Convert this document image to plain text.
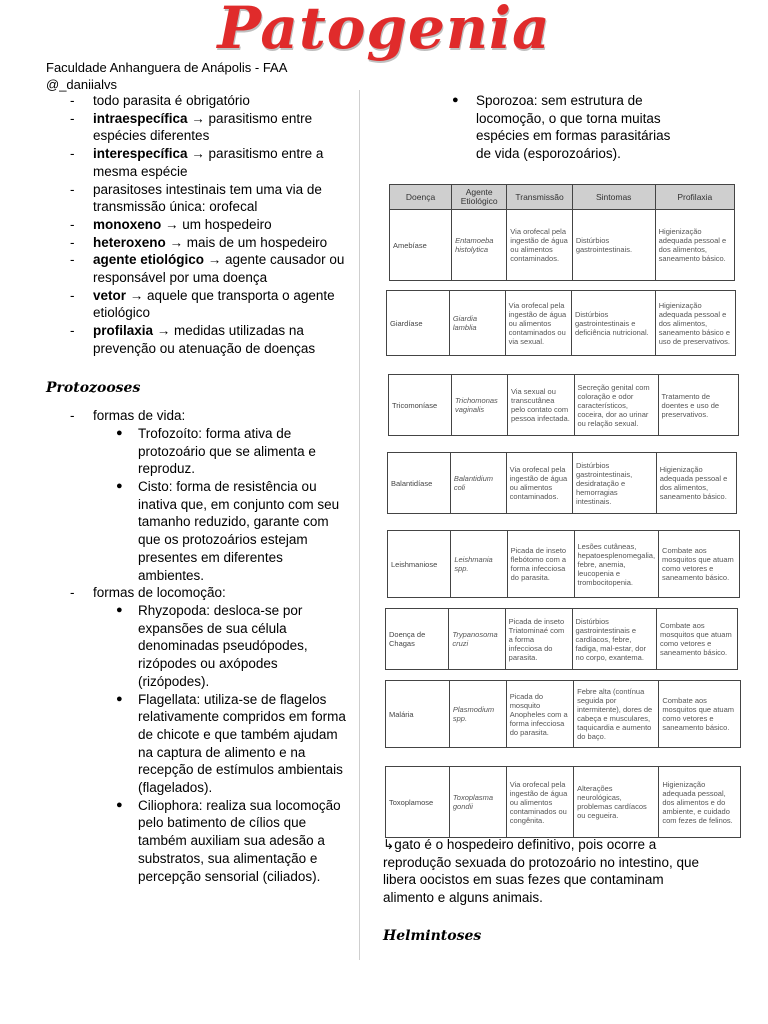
Patogenia
Faculdade Anhanguera de Anápolis - FAA
@_daniialvs
- todo parasita é obrigatório
- intraespecífica → parasitismo entre espécies diferentes
- interespecífica → parasitismo entre a mesma espécie
- parasitoses intestinais tem uma via de transmissão única: orofecal
- monoxeno → um hospedeiro
- heteroxeno → mais de um hospedeiro
- agente etiológico → agente causador ou responsável por uma doença
- vetor → aquele que transporta o agente etiológico
- profilaxia → medidas utilizadas na prevenção ou atenuação de doenças
Protozooses
- formas de vida:
● Trofozoíto: forma ativa de protozoário que se alimenta e reproduz.
● Cisto: forma de resistência ou inativa que, em conjunto com seu tamanho reduzido, garante com que os protozoários estejam presentes em diferentes ambientes.
- formas de locomoção:
● Rhyzopoda: desloca-se por expansões de sua célula denominadas pseudópodes, rizópodes ou axópodes (rizópodes).
● Flagellata: utiliza-se de flagelos relativamente compridos em forma de chicote e que também ajudam na captura de alimento e na recepção de estímulos ambientais (flagelados).
● Ciliophora: realiza sua locomoção pelo batimento de cílios que também auxiliam sua adesão a substratos, sua alimentação e percepção sensorial (ciliados).
● Sporozoa: sem estrutura de locomoção, o que torna muitas espécies em formas parasitárias de vida (esporozoários).
Doença	Agente Etiológico	Transmissão	Sintomas	Profilaxia
Amebíase	Entamoeba histolytica	Via orofecal pela ingestão de água ou alimentos contaminados.	Distúrbios gastrointestinais.	Higienização adequada pessoal e dos alimentos, saneamento básico.
Giardíase	Giardia lamblia	Via orofecal pela ingestão de água ou alimentos contaminados ou via sexual.	Distúrbios gastrointestinais e deficiência nutricional.	Higienização adequada pessoal e dos alimentos, saneamento básico e uso de preservativos.
Tricomoníase	Trichomonas vaginalis	Via sexual ou transcutânea pelo contato com pessoa infectada.	Secreção genital com coloração e odor característicos, coceira, dor ao urinar ou relação sexual.	Tratamento de doentes e uso de preservativos.
Balantidíase	Balantidium coli	Via orofecal pela ingestão de água ou alimentos contaminados.	Distúrbios gastrointestinais, desidratação e hemorragias intestinais.	Higienização adequada pessoal e dos alimentos, saneamento básico.
Leishmaniose	Leishmania spp.	Picada de inseto flebótomo com a forma infecciosa do parasita.	Lesões cutâneas, hepatoesplenomegalia, febre, anemia, leucopenia e trombocitopenia.	Combate aos mosquitos que atuam como vetores e saneamento básico.
Doença de Chagas	Trypanosoma cruzi	Picada de inseto Triatominaé com a forma infecciosa do parasita.	Distúrbios gastrointestinais e cardíacos, febre, fadiga, mal-estar, dor no corpo, exantema.	Combate aos mosquitos que atuam como vetores e saneamento básico.
Malária	Plasmodium spp.	Picada do mosquito Anopheles com a forma infecciosa do parasita.	Febre alta (contínua seguida por intermitente), dores de cabeça e musculares, taquicardia e aumento do baço.	Combate aos mosquitos que atuam como vetores e saneamento básico.
Toxoplamose	Toxoplasma gondii	Via orofecal pela ingestão de água ou alimentos contaminados ou congênita.	Alterações neurológicas, problemas cardíacos ou cegueira.	Higienização adequada pessoal, dos alimentos e do ambiente, e cuidado com fezes de felinos.
↳gato é o hospedeiro definitivo, pois ocorre a reprodução sexuada do protozoário no intestino, que libera oocistos em suas fezes que contaminam alimento e alguns animais.
Helmintoses
